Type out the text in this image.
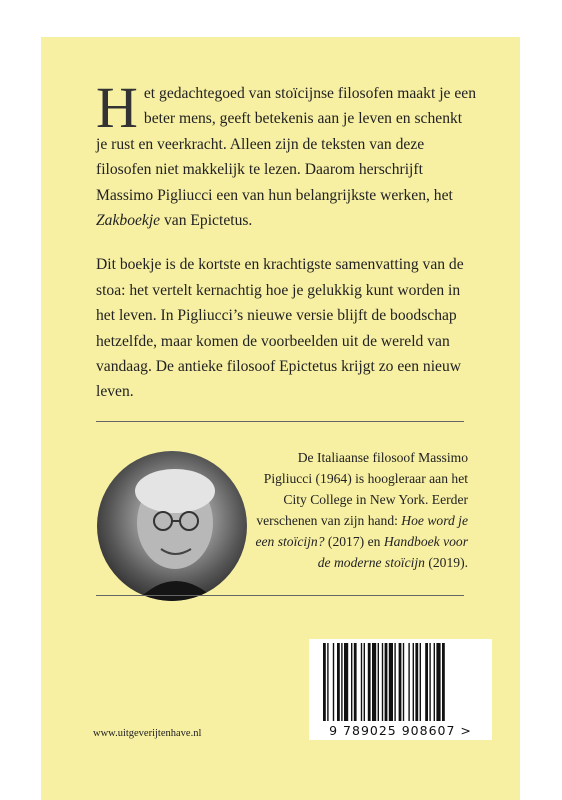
Het gedachtegoed van stoïcijnse filosofen maakt je een beter mens, geeft betekenis aan je leven en schenkt je rust en veerkracht. Alleen zijn de teksten van deze filosofen niet makkelijk te lezen. Daarom herschrijft Massimo Pigliucci een van hun belangrijkste werken, het Zakboekje van Epictetus.

Dit boekje is de kortste en krachtigste samenvatting van de stoa: het vertelt kernachtig hoe je gelukkig kunt worden in het leven. In Pigliucci’s nieuwe versie blijft de boodschap hetzelfde, maar komen de voorbeelden uit de wereld van vandaag. De antieke filosoof Epictetus krijgt zo een nieuw leven.

De Italiaanse filosoof Massimo Pigliucci (1964) is hoogleraar aan het City College in New York. Eerder verschenen van zijn hand: Hoe word je een stoïcijn? (2017) en Handboek voor de moderne stoïcijn (2019).
www.uitgeverijtenhave.nl	9 789025 908607 >
